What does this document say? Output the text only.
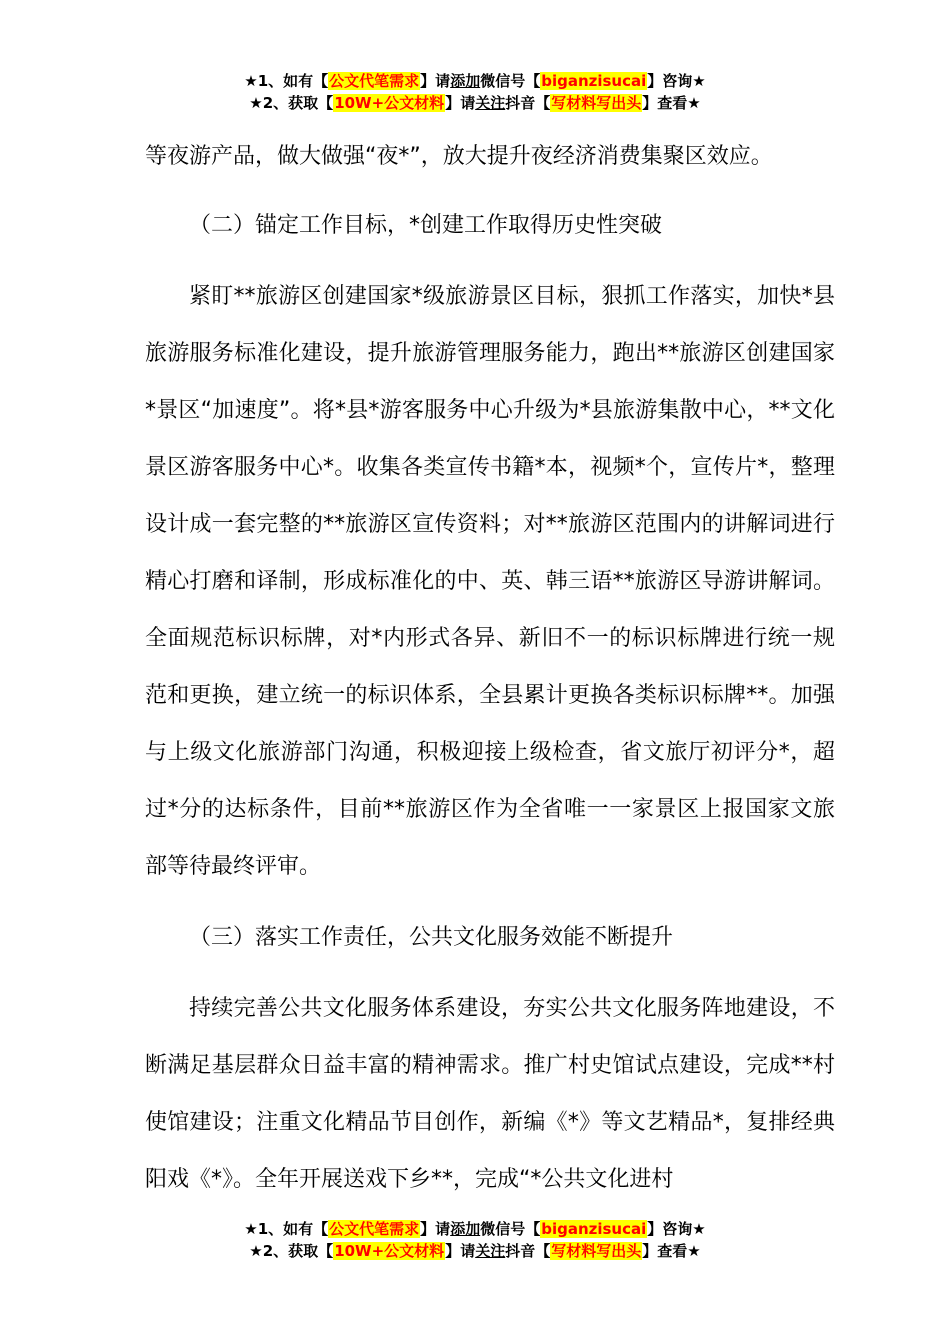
★1、如有【公文代笔需求】请添加微信号【biganzisucai】咨询★
★2、获取【10W+公文材料】请关注抖音【写材料写出头】查看★

等夜游产品，做大做强“夜*”，放大提升夜经济消费集聚区效应。

（二）锚定工作目标，*创建工作取得历史性突破

紧盯**旅游区创建国家*级旅游景区目标，狠抓工作落实，加快*县旅游服务标准化建设，提升旅游管理服务能力，跑出**旅游区创建国家*景区“加速度”。将*县*游客服务中心升级为*县旅游集散中心，**文化景区游客服务中心*。收集各类宣传书籍*本，视频*个，宣传片*，整理设计成一套完整的**旅游区宣传资料；对**旅游区范围内的讲解词进行精心打磨和译制，形成标准化的中、英、韩三语**旅游区导游讲解词。全面规范标识标牌，对*内形式各异、新旧不一的标识标牌进行统一规范和更换，建立统一的标识体系，全县累计更换各类标识标牌**。加强与上级文化旅游部门沟通，积极迎接上级检查，省文旅厅初评分*，超过*分的达标条件，目前**旅游区作为全省唯一一家景区上报国家文旅部等待最终评审。

（三）落实工作责任，公共文化服务效能不断提升

持续完善公共文化服务体系建设，夯实公共文化服务阵地建设，不断满足基层群众日益丰富的精神需求。推广村史馆试点建设，完成**村使馆建设；注重文化精品节目创作，新编《*》等文艺精品*，复排经典阳戏《*》。全年开展送戏下乡**，完成“*公共文化进村

★1、如有【公文代笔需求】请添加微信号【biganzisucai】咨询★
★2、获取【10W+公文材料】请关注抖音【写材料写出头】查看★
